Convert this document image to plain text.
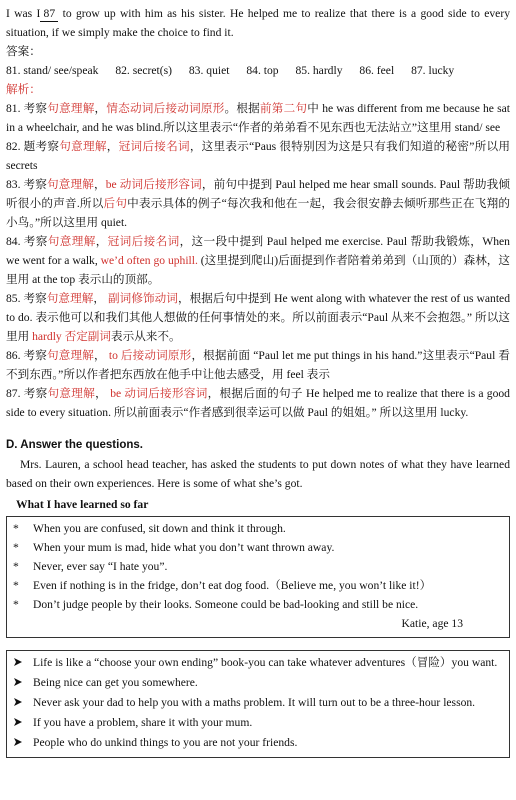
I was I 87 to grow up with him as his sister. He helped me to realize that there is a good side to every situation, if we simply make the choice to find it.

答案：

81. stand/ see/speak 82. secret(s) 83. quiet 84. top 85. hardly 86. feel 87. lucky

解析：

81. 考察句意理解，情态动词后接动词原形。根据前第二句中 he was different from me because he sat in a wheelchair, and he was blind.所以这里表示“作者的弟弟看不见东西也无法站立”这里用 stand/ see

82. 题考察句意理解，冠词后接名词，这里表示“Paus 很特别因为这是只有我们知道的秘密”所以用 secrets

83. 考察句意理解，be 动词后接形容词，前句中提到 Paul helped me hear small sounds. Paul 帮助我倾听很小的声音.所以后句中表示具体的例子“每次我和他在一起，我会很安静去倾听那些正在飞翔的小鸟。”所以这里用 quiet.

84. 考察句意理解，冠词后接名词，这一段中提到 Paul helped me exercise. Paul 帮助我锻炼，When we went for a walk, we’d often go uphill. (这里提到爬山)后面提到作者陪着弟弟到（山顶的）森林，这里用 at the top 表示山的顶部。

85. 考察句意理解， 副词修饰动词，根据后句中提到 He went along with whatever the rest of us wanted to do. 表示他可以和我们其他人想做的任何事情处的来。所以前面表示“Paul 从来不会抱怨。” 所以这里用 hardly 否定副词表示从来不。

86. 考察句意理解， to 后接动词原形，根据前面 “Paul let me put things in his hand.”这里表示“Paul 看不到东西。”所以作者把东西放在他手中让他去感受，用 feel 表示

87. 考察句意理解， be 动词后接形容词，根据后面的句子 He helped me to realize that there is a good side to every situation. 所以前面表示“作者感到很幸运可以做 Paul 的姐姐。” 所以这里用 lucky.

D. Answer the questions.

Mrs. Lauren, a school head teacher, has asked the students to put down notes of what they have learned based on their own experiences. Here is some of what she’s got.

What I have learned so far

*	When you are confused, sit down and think it through.
*	When your mum is mad, hide what you don’t want thrown away.
*	Never, ever say “I hate you”.
*	Even if nothing is in the fridge, don’t eat dog food.（Believe me, you won’t like it!）
*	Don’t judge people by their looks. Someone could be bad-looking and still be nice.

Katie, age 13

Life is like a “choose your own ending” book-you can take whatever adventures（冒险）you want.
Being nice can get you somewhere.
Never ask your dad to help you with a maths problem. It will turn out to be a three-hour lesson.
If you have a problem, share it with your mum.
People who do unkind things to you are not your friends.
